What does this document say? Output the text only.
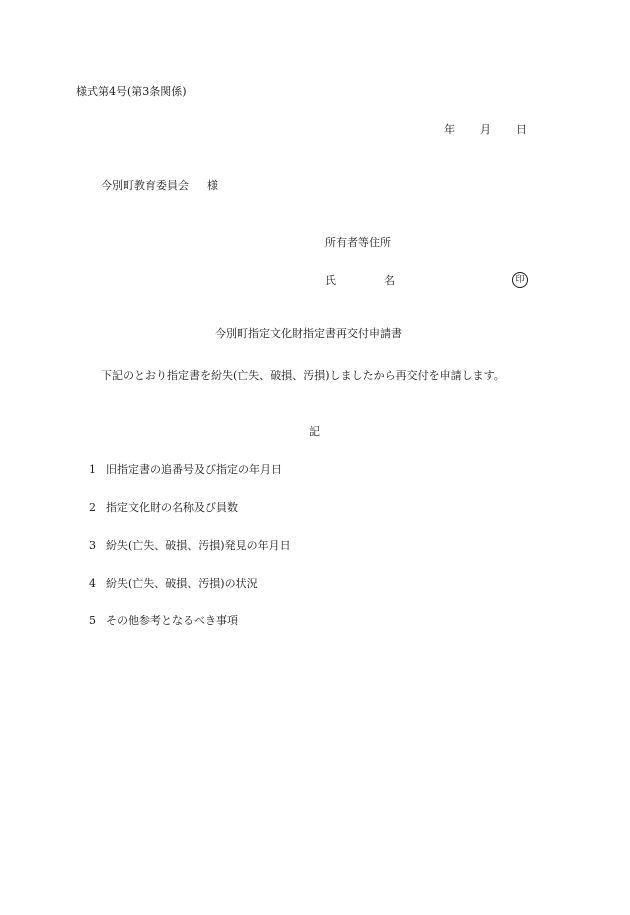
様式第4号(第3条関係)
年 月 日
今別町教育委員会 様
所有者等住所
氏	名	印
今別町指定文化財指定書再交付申請書
下記のとおり指定書を紛失(亡失、破損、汚損)しましたから再交付を申請します。
記
1 旧指定書の追番号及び指定の年月日
2 指定文化財の名称及び員数
3 紛失(亡失、破損、汚損)発見の年月日
4 紛失(亡失、破損、汚損)の状況
5 その他参考となるべき事項
